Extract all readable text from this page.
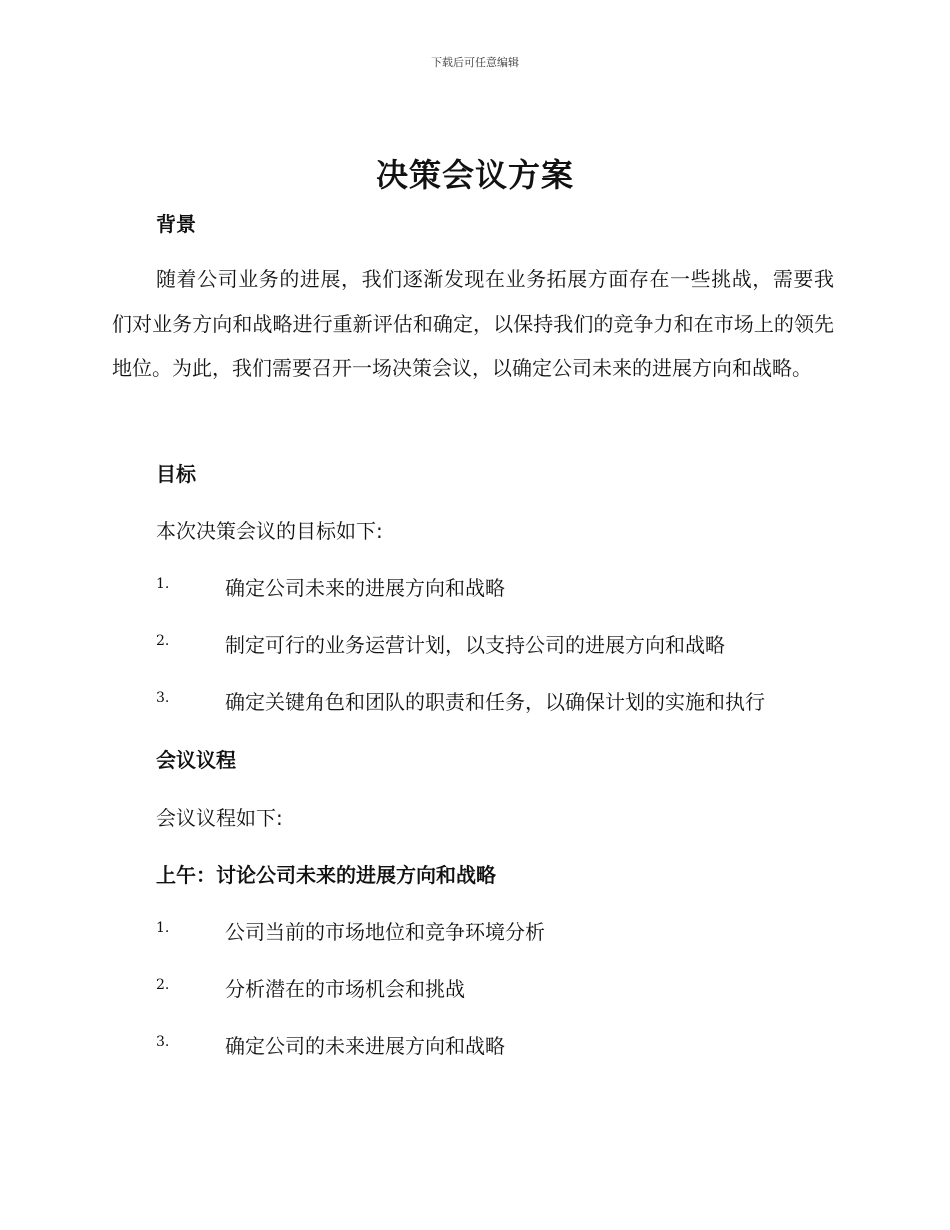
下载后可任意编辑
决策会议方案
背景

随着公司业务的进展，我们逐渐发现在业务拓展方面存在一些挑战，需要我们对业务方向和战略进行重新评估和确定，以保持我们的竞争力和在市场上的领先地位。为此，我们需要召开一场决策会议，以确定公司未来的进展方向和战略。

目标

本次决策会议的目标如下:

1.	确定公司未来的进展方向和战略
2.	制定可行的业务运营计划，以支持公司的进展方向和战略
3.	确定关键角色和团队的职责和任务，以确保计划的实施和执行
会议议程

会议议程如下:

上午：讨论公司未来的进展方向和战略
1.	公司当前的市场地位和竞争环境分析
2.	分析潜在的市场机会和挑战
3.	确定公司的未来进展方向和战略
